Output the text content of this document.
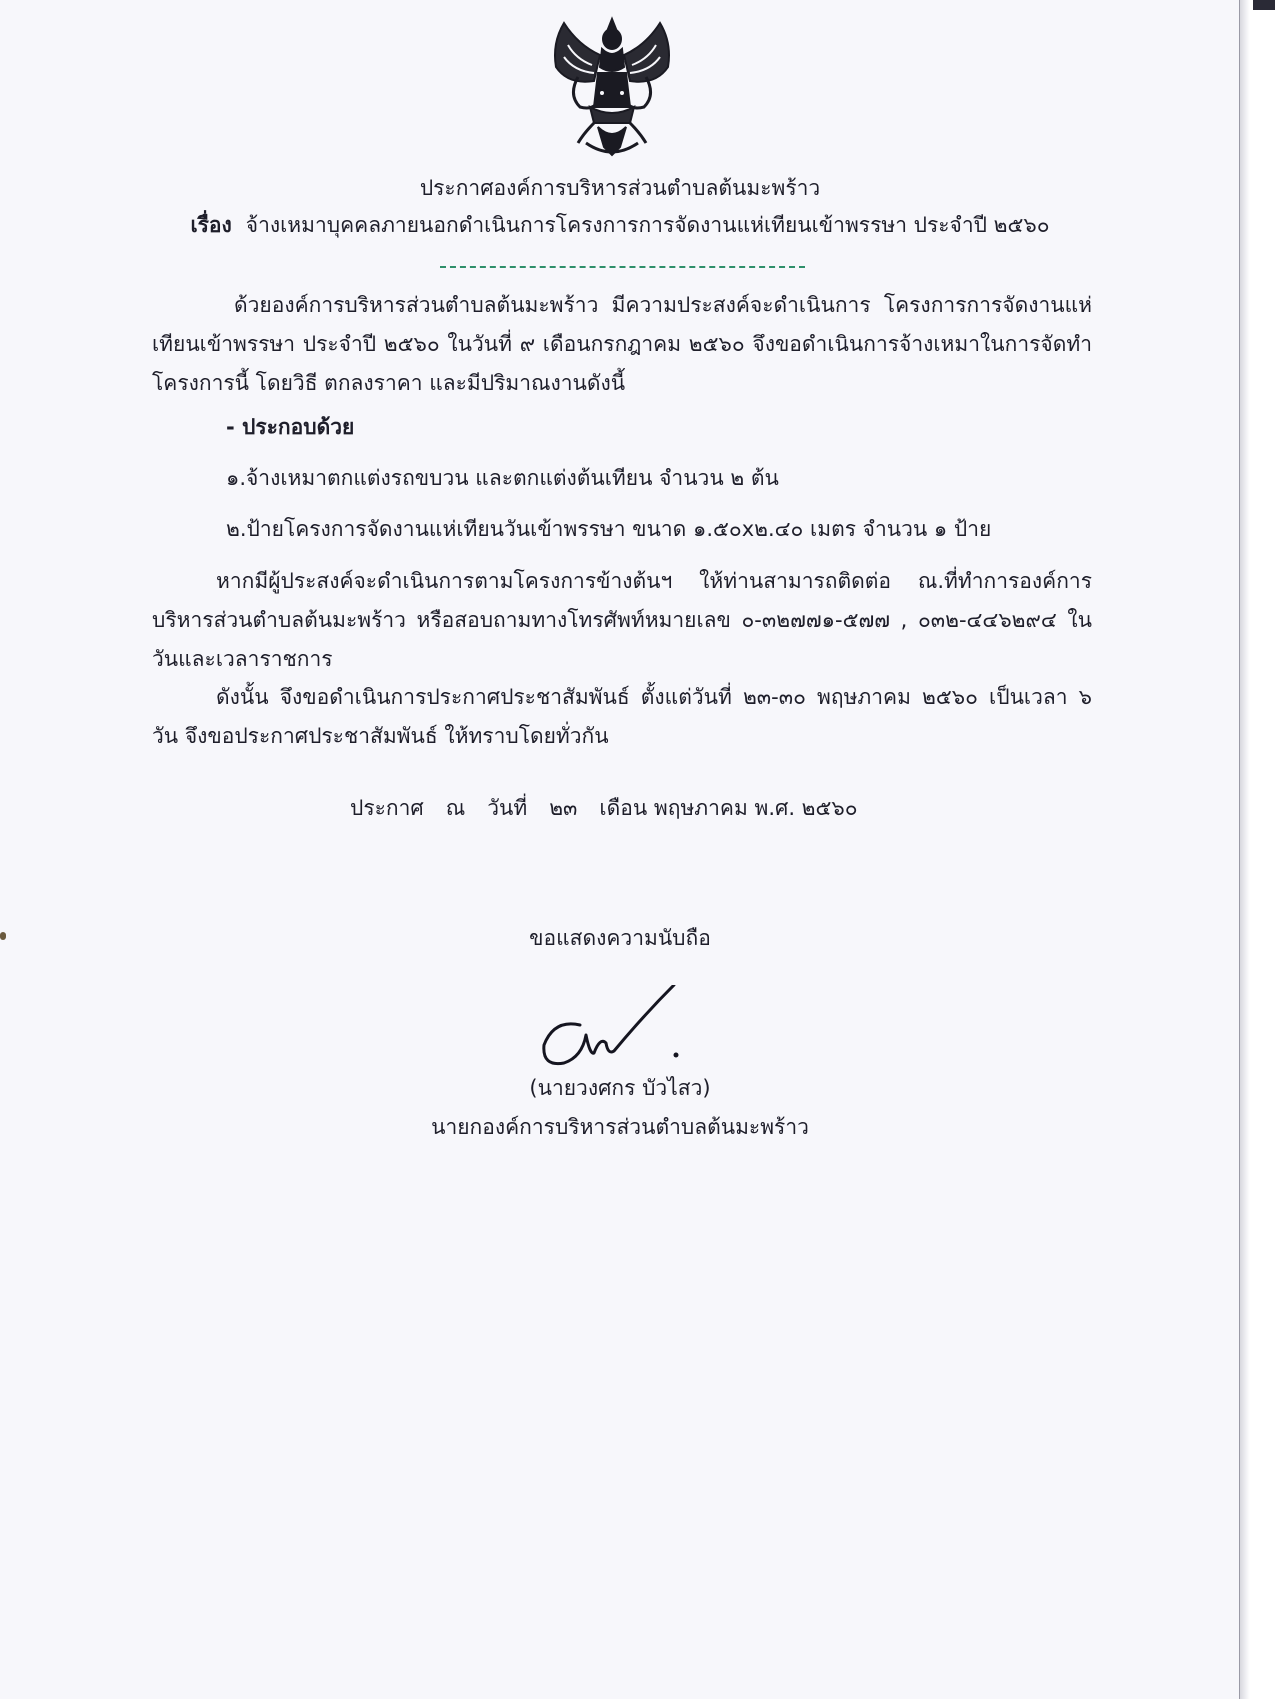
ประกาศองค์การบริหารส่วนตำบลต้นมะพร้าว
เรื่อง จ้างเหมาบุคคลภายนอกดำเนินการโครงการการจัดงานแห่เทียนเข้าพรรษา ประจำปี ๒๕๖๐
ด้วยองค์การบริหารส่วนตำบลต้นมะพร้าว มีความประสงค์จะดำเนินการ โครงการการจัดงานแห่เทียนเข้าพรรษา ประจำปี ๒๕๖๐ ในวันที่ ๙ เดือนกรกฎาคม ๒๕๖๐ จึงขอดำเนินการจ้างเหมาในการจัดทำโครงการนี้ โดยวิธี ตกลงราคา และมีปริมาณงานดังนี้
- ประกอบด้วย
๑.จ้างเหมาตกแต่งรถขบวน และตกแต่งต้นเทียน จำนวน ๒ ต้น
๒.ป้ายโครงการจัดงานแห่เทียนวันเข้าพรรษา ขนาด ๑.๕๐x๒.๔๐ เมตร จำนวน ๑ ป้าย
หากมีผู้ประสงค์จะดำเนินการตามโครงการข้างต้นฯ ให้ท่านสามารถติดต่อ ณ.ที่ทำการองค์การบริหารส่วนตำบลต้นมะพร้าว หรือสอบถามทางโทรศัพท์หมายเลข ๐-๓๒๗๗๑-๕๗๗ , ๐๓๒-๔๔๖๒๙๔ ในวันและเวลาราชการ
ดังนั้น จึงขอดำเนินการประกาศประชาสัมพันธ์ ตั้งแต่วันที่ ๒๓-๓๐ พฤษภาคม ๒๕๖๐ เป็นเวลา ๖ วัน จึงขอประกาศประชาสัมพันธ์ ให้ทราบโดยทั่วกัน
ประกาศ ณ วันที่ ๒๓ เดือน พฤษภาคม พ.ศ. ๒๕๖๐
ขอแสดงความนับถือ
(นายวงศกร บัวไสว)
นายกองค์การบริหารส่วนตำบลต้นมะพร้าว
